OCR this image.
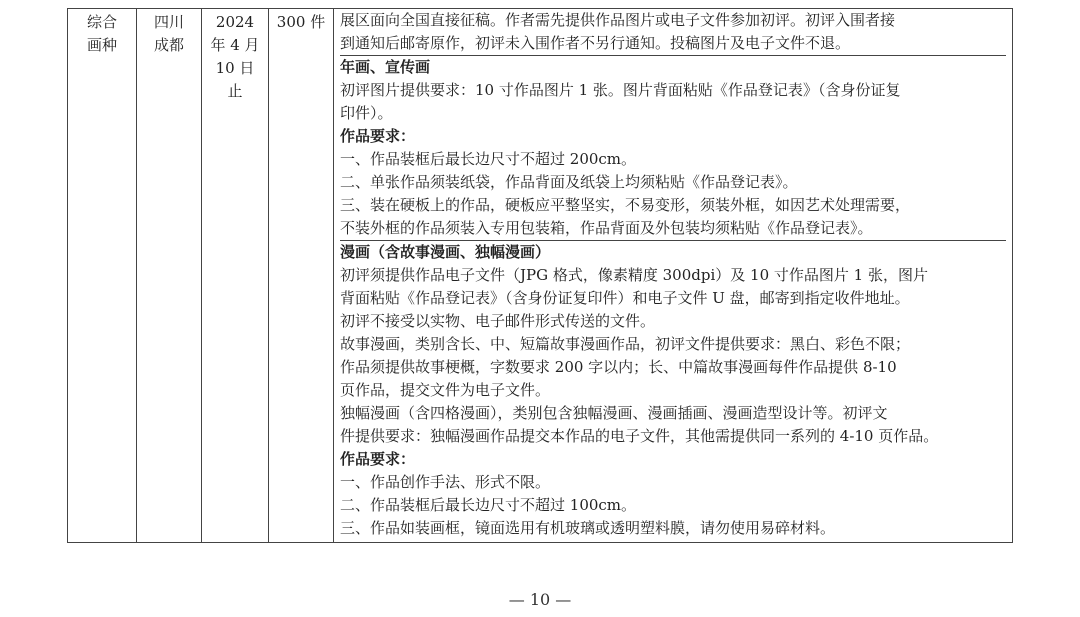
综合
画种

四川
成都

2024
年 4 月
10 日
止

300 件	展区面向全国直接征稿。作者需先提供作品图片或电子文件参加初评。初评入围者接
到通知后邮寄原作，初评未入围作者不另行通知。投稿图片及电子文件不退。
年画、宣传画
初评图片提供要求：10 寸作品图片 1 张。图片背面粘贴《作品登记表》（含身份证复
印件）。
作品要求：
一、作品装框后最长边尺寸不超过 200cm。
二、单张作品须装纸袋，作品背面及纸袋上均须粘贴《作品登记表》。
三、装在硬板上的作品，硬板应平整坚实，不易变形，须装外框，如因艺术处理需要，
不装外框的作品须装入专用包装箱，作品背面及外包装均须粘贴《作品登记表》。
漫画（含故事漫画、独幅漫画）
初评须提供作品电子文件（JPG 格式，像素精度 300dpi）及 10 寸作品图片 1 张，图片
背面粘贴《作品登记表》（含身份证复印件）和电子文件 U 盘，邮寄到指定收件地址。
初评不接受以实物、电子邮件形式传送的文件。
故事漫画，类别含长、中、短篇故事漫画作品，初评文件提供要求：黑白、彩色不限；
作品须提供故事梗概，字数要求 200 字以内；长、中篇故事漫画每件作品提供 8-10
页作品，提交文件为电子文件。
独幅漫画（含四格漫画），类别包含独幅漫画、漫画插画、漫画造型设计等。初评文
件提供要求：独幅漫画作品提交本作品的电子文件，其他需提供同一系列的 4-10 页作品。
作品要求：
一、作品创作手法、形式不限。
二、作品装框后最长边尺寸不超过 100cm。
三、作品如装画框，镜面选用有机玻璃或透明塑料膜，请勿使用易碎材料。
— 10 —
